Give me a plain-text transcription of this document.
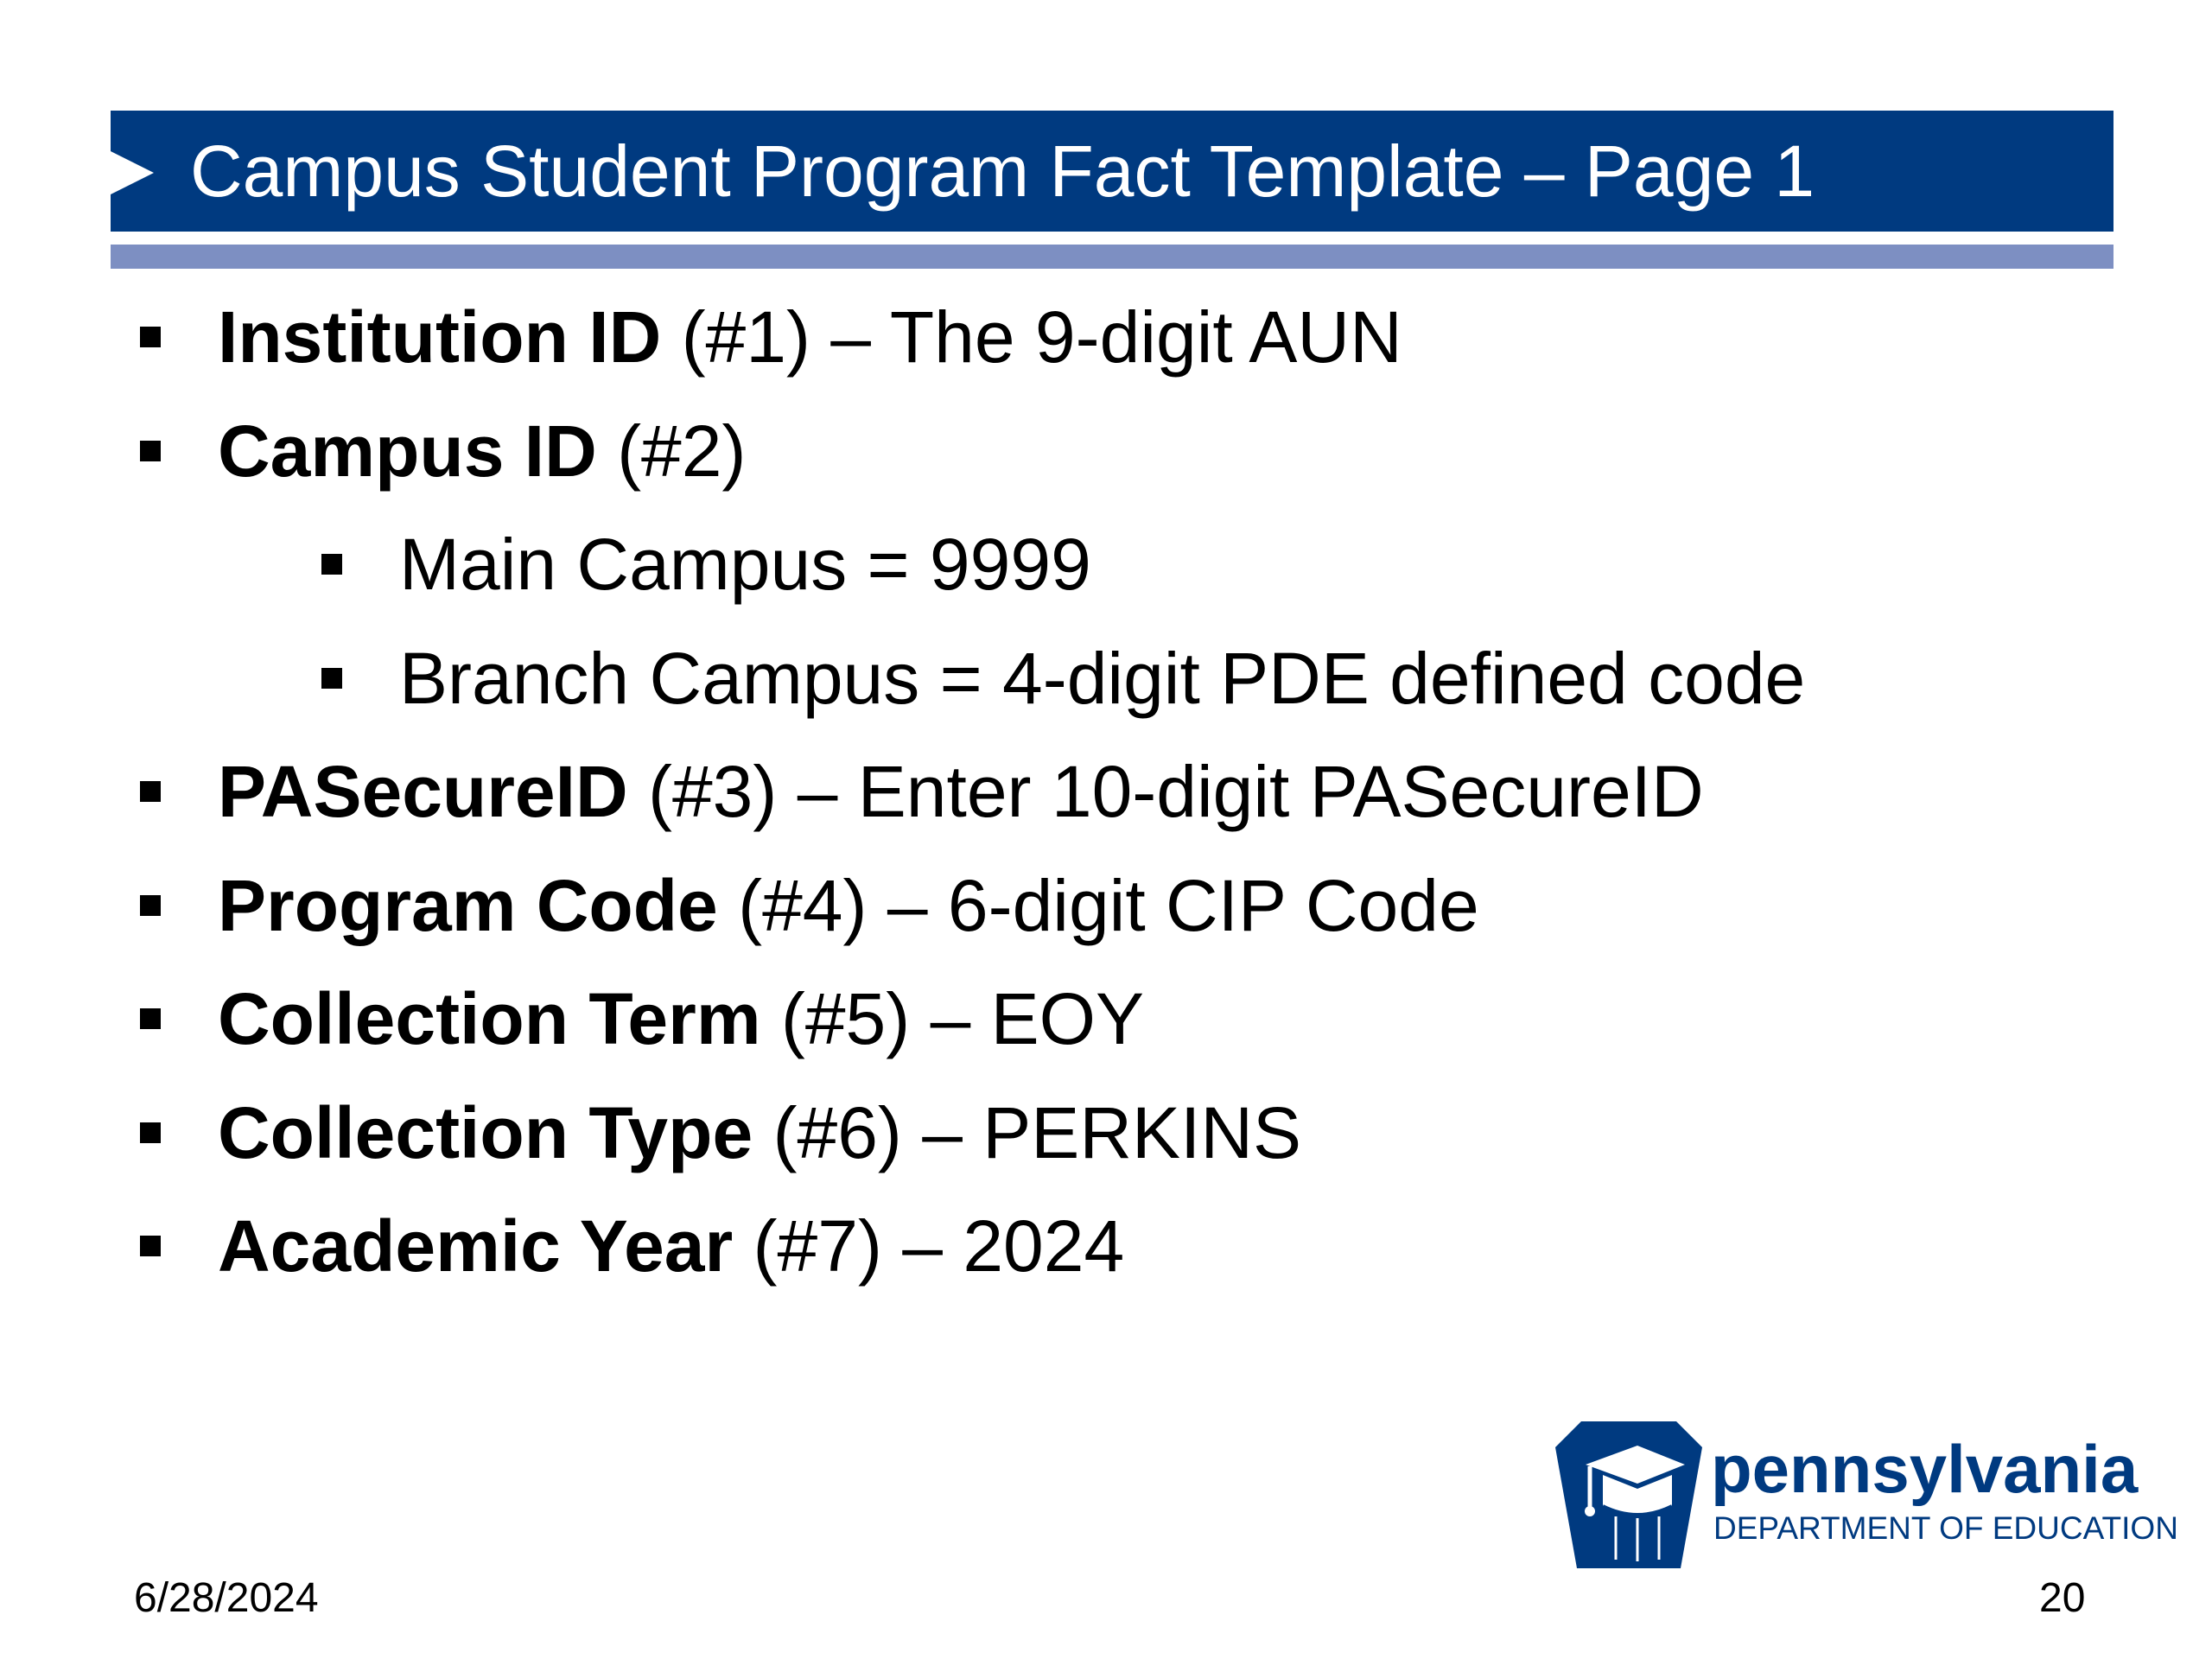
Campus Student Program Fact Template – Page 1
Institution ID (#1) – The 9-digit AUN
Campus ID (#2)
Main Campus = 9999
Branch Campus = 4-digit PDE defined code
PASecureID (#3) – Enter 10-digit PASecureID
Program Code (#4) – 6-digit CIP Code
Collection Term (#5) – EOY
Collection Type (#6) – PERKINS
Academic Year (#7) – 2024
pennsylvania
DEPARTMENT OF EDUCATION
6/28/2024	20
